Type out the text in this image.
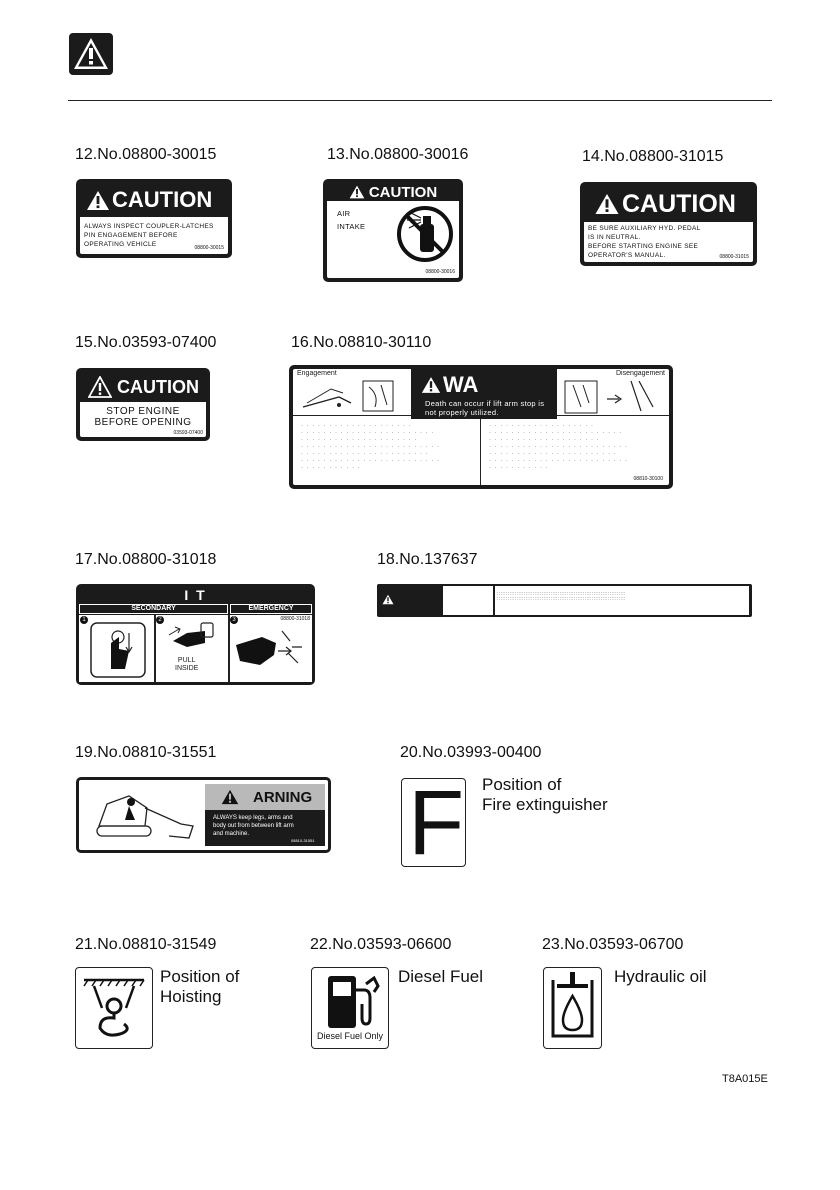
12.No.08800-30015	13.No.08800-30016	14.No.08800-31015
CAUTION
ALWAYS INSPECT COUPLER-LATCHES
PIN ENGAGEMENT BEFORE
OPERATING VEHICLE	08800-30015
CAUTION
AIR
INTAKE
08800-30016
CAUTION
BE SURE AUXILIARY HYD. PEDAL
IS IN NEUTRAL.
BEFORE STARTING ENGINE SEE
OPERATOR'S MANUAL.	08800-31015
15.No.03593-07400	16.No.08810-30110
CAUTION
STOP ENGINE
BEFORE OPENING
03593-07400
Engagement	WA
Death can occur if lift arm stop is
not properly utilized.
Disengagement
· · · · · · · · · · · · · · · · · · · ·
· · · · · · · · · · · · · · · · · · · · · · · ·
· · · · · · · · · · · · · · · · · · · · ·
· · · · · · · · · · · · · · · · · · · · · · · · ·
· · · · · · · · · · · · · · · · · · · · · · ·
· · · · · · · · · · · · · · · · · · · · · · · · ·
· · · · · · · · · · ·
· · · · · · · · · · · · · · · · · · ·
· · · · · · · · · · · · · · · · · · · · · · · ·
· · · · · · · · · · · · · · · · · · · ·
· · · · · · · · · · · · · · · · · · · · · · · · ·
· · · · · · · · · · · · · · · · · · · · · · ·
· · · · · · · · · · · · · · · · · · · · · · · · ·
· · · · · · · · · · ·
08810-30100
17.No.08800-31018	18.No.137637
I T
SECONDARY	EMERGENCY
1	2	3
PULL
INSIDE
08800-31018
::::::::::::::::::::::::::::::::::::::::::::::::::::::::::::::::::::::::
::::::::::::::::::::::::::::::::::::::::::::::::::::::::::::::::::::::::
19.No.08810-31551	20.No.03993-00400
ARNING
ALWAYS keep legs, arms and
body out from between lift arm
and machine.
08810-31551 F Position of
Fire extinguisher
21.No.08810-31549	22.No.03593-06600	23.No.03593-06700
Position of
Hoisting
Diesel Fuel Only
Diesel Fuel	Hydraulic oil
T8A015E
